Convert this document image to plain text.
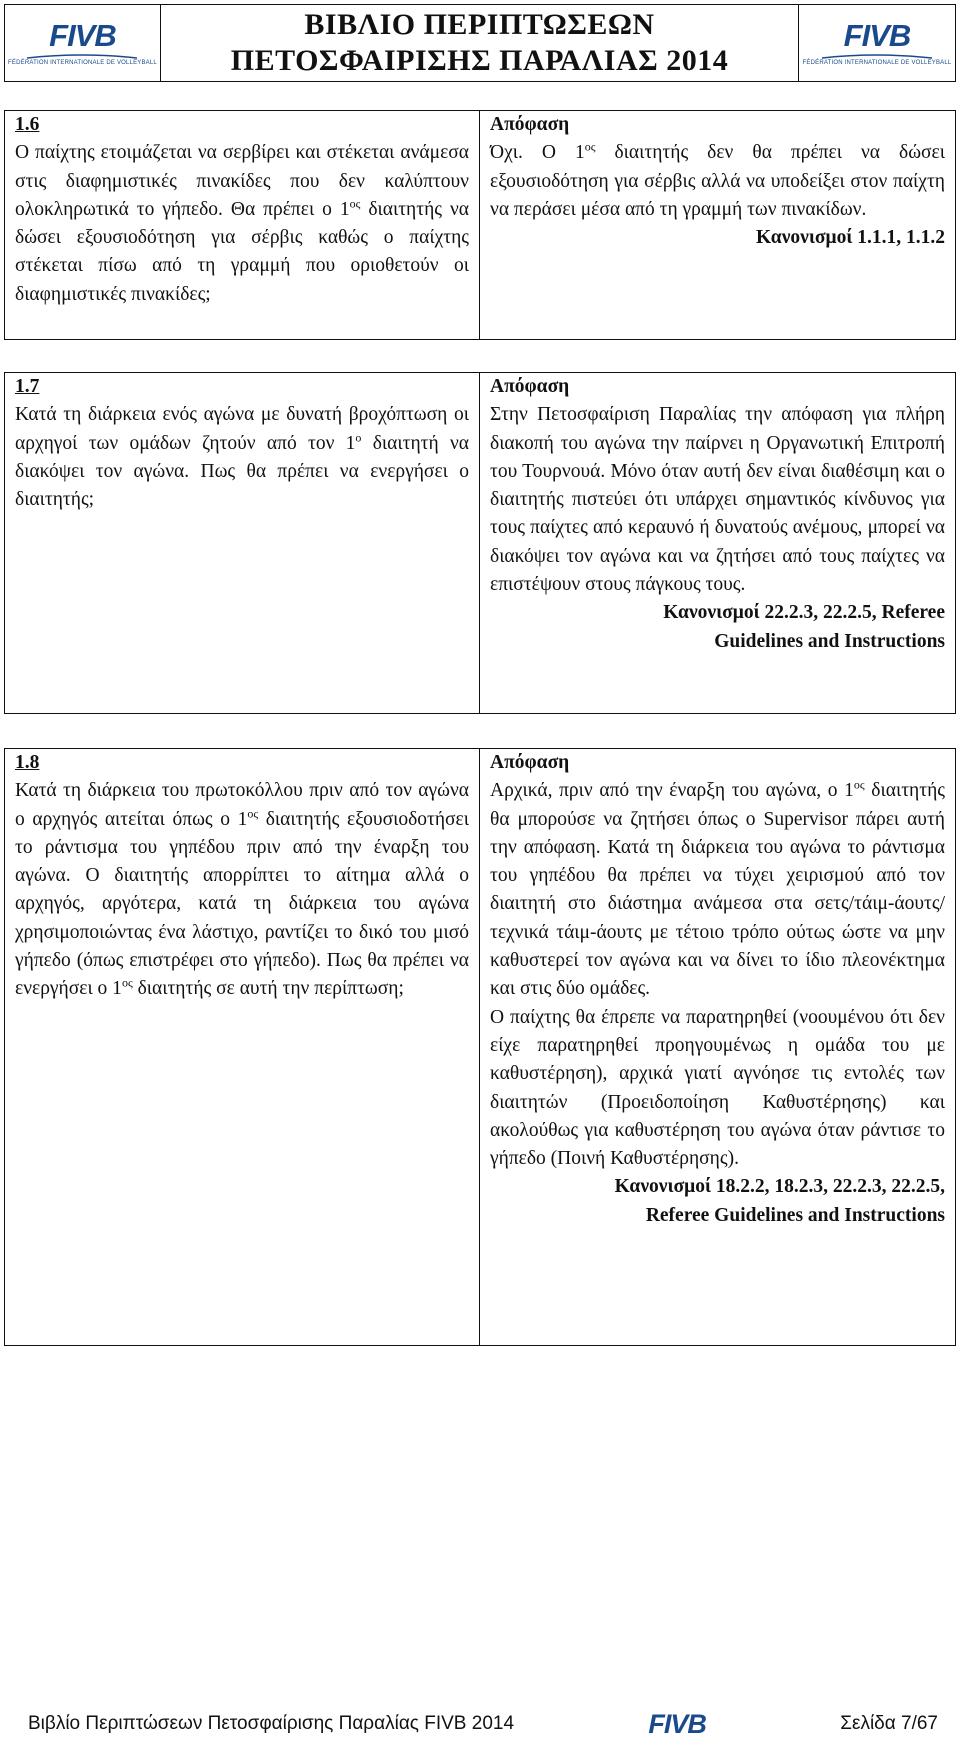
FIVB
FÉDÉRATION INTERNATIONALE DE VOLLEYBALL
ΒΙΒΛΙΟ ΠΕΡΙΠΤΩΣΕΩΝ
ΠΕΤΟΣΦΑΙΡΙΣΗΣ ΠΑΡΑΛΙΑΣ 2014
FIVB
FÉDÉRATION INTERNATIONALE DE VOLLEYBALL
1.6
Ο παίχτης ετοιμάζεται να σερβίρει και στέκεται ανάμεσα στις διαφημιστικές πινακίδες που δεν καλύπτουν ολοκληρωτικά το γήπεδο. Θα πρέπει ο $1^{o\varsigma}$ διαιτητής να δώσει εξουσιοδότηση για σέρβις καθώς ο παίχτης στέκεται πίσω από τη γραμμή που οριοθετούν οι διαφημιστικές πινακίδες;
Απόφαση
Όχι. Ο $1^{o\varsigma}$ διαιτητής δεν θα πρέπει να δώσει εξουσιοδότηση για σέρβις αλλά να υποδείξει στον παίχτη να περάσει μέσα από τη γραμμή των πινακίδων.
Κανονισμοί 1.1.1, 1.1.2
1.7
Κατά τη διάρκεια ενός αγώνα με δυνατή βροχόπτωση οι αρχηγοί των ομάδων ζητούν από τον $1^o$ διαιτητή να διακόψει τον αγώνα. Πως θα πρέπει να ενεργήσει ο διαιτητής;
Απόφαση
Στην Πετοσφαίριση Παραλίας την απόφαση για πλήρη διακοπή του αγώνα την παίρνει η Οργανωτική Επιτροπή του Τουρνουά. Μόνο όταν αυτή δεν είναι διαθέσιμη και ο διαιτητής πιστεύει ότι υπάρχει σημαντικός κίνδυνος για τους παίχτες από κεραυνό ή δυνατούς ανέμους, μπορεί να διακόψει τον αγώνα και να ζητήσει από τους παίχτες να επιστέψουν στους πάγκους τους.
Κανονισμοί 22.2.3, 22.2.5, Referee
Guidelines and Instructions
1.8
Κατά τη διάρκεια του πρωτοκόλλου πριν από τον αγώνα ο αρχηγός αιτείται όπως ο $1^{o\varsigma}$ διαιτητής εξουσιοδοτήσει το ράντισμα του γηπέδου πριν από την έναρξη του αγώνα. Ο διαιτητής απορρίπτει το αίτημα αλλά ο αρχηγός, αργότερα, κατά τη διάρκεια του αγώνα χρησιμοποιώντας ένα λάστιχο, ραντίζει το δικό του μισό γήπεδο (όπως επιστρέφει στο γήπεδο). Πως θα πρέπει να ενεργήσει ο $1^{o\varsigma}$ διαιτητής σε αυτή την περίπτωση;
Απόφαση
Αρχικά, πριν από την έναρξη του αγώνα, ο $1^{o\varsigma}$ διαιτητής θα μπορούσε να ζητήσει όπως ο Supervisor πάρει αυτή την απόφαση. Κατά τη διάρκεια του αγώνα το ράντισμα του γηπέδου θα πρέπει να τύχει χειρισμού από τον διαιτητή στο διάστημα ανάμεσα στα σετς/τάιμ-άουτς/τεχνικά τάιμ-άουτς με τέτοιο τρόπο ούτως ώστε να μην καθυστερεί τον αγώνα και να δίνει το ίδιο πλεονέκτημα και στις δύο ομάδες.
Ο παίχτης θα έπρεπε να παρατηρηθεί (νοουμένου ότι δεν είχε παρατηρηθεί προηγουμένως η ομάδα του με καθυστέρηση), αρχικά γιατί αγνόησε τις εντολές των διαιτητών (Προειδοποίηση Καθυστέρησης) και ακολούθως για καθυστέρηση του αγώνα όταν ράντισε το γήπεδο (Ποινή Καθυστέρησης).
Κανονισμοί 18.2.2, 18.2.3, 22.2.3, 22.2.5,
Referee Guidelines and Instructions
Βιβλίο Περιπτώσεων Πετοσφαίρισης Παραλίας FIVB 2014	FIVB	Σελίδα 7/67
